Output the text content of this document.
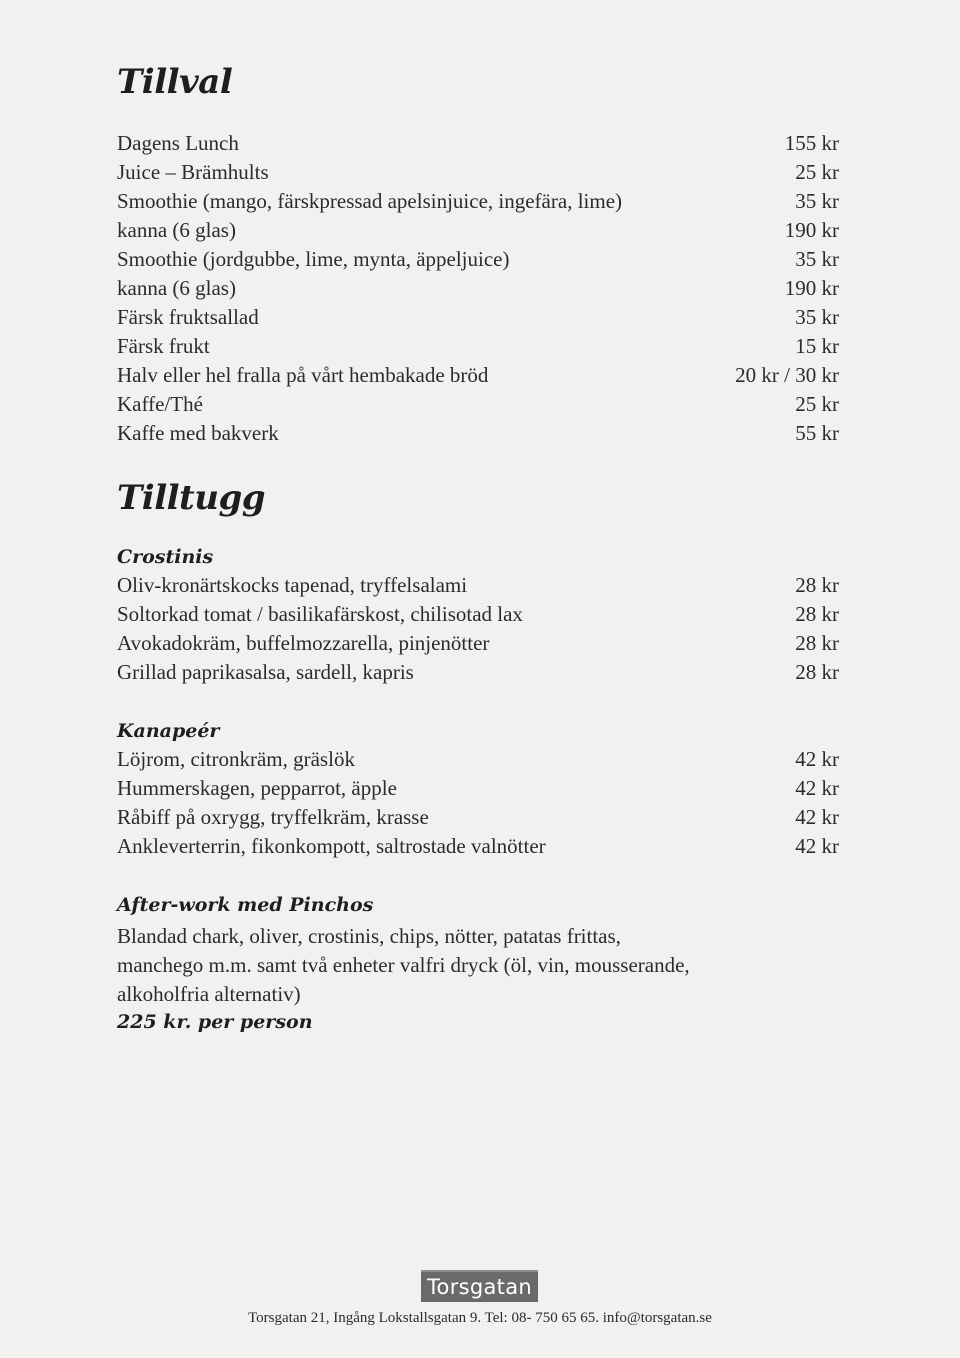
Tillval
Dagens Lunch	155 kr
Juice – Brämhults	25 kr
Smoothie (mango, färskpressad apelsinjuice, ingefära, lime)	35 kr
kanna (6 glas)	190 kr
Smoothie (jordgubbe, lime, mynta, äppeljuice)	35 kr
kanna (6 glas)	190 kr
Färsk fruktsallad	35 kr
Färsk frukt	15 kr
Halv eller hel fralla på vårt hembakade bröd	20 kr / 30 kr
Kaffe/Thé	25 kr
Kaffe med bakverk	55 kr
Tilltugg
Crostinis
Oliv-kronärtskocks tapenad, tryffelsalami	28 kr
Soltorkad tomat / basilikafärskost, chilisotad lax	28 kr
Avokadokräm, buffelmozzarella, pinjenötter	28 kr
Grillad paprikasalsa, sardell, kapris	28 kr
Kanapeér
Löjrom, citronkräm, gräslök	42 kr
Hummerskagen, pepparrot, äpple	42 kr
Råbiff på oxrygg, tryffelkräm, krasse	42 kr
Ankleverterrin, fikonkompott, saltrostade valnötter	42 kr
After-work med Pinchos
Blandad chark, oliver, crostinis, chips, nötter, patatas frittas,
manchego m.m. samt två enheter valfri dryck (öl, vin, mousserande,
alkoholfria alternativ)
225 kr. per person
Torsgatan
Torsgatan 21, Ingång Lokstallsgatan 9. Tel: 08- 750 65 65. info@torsgatan.se
